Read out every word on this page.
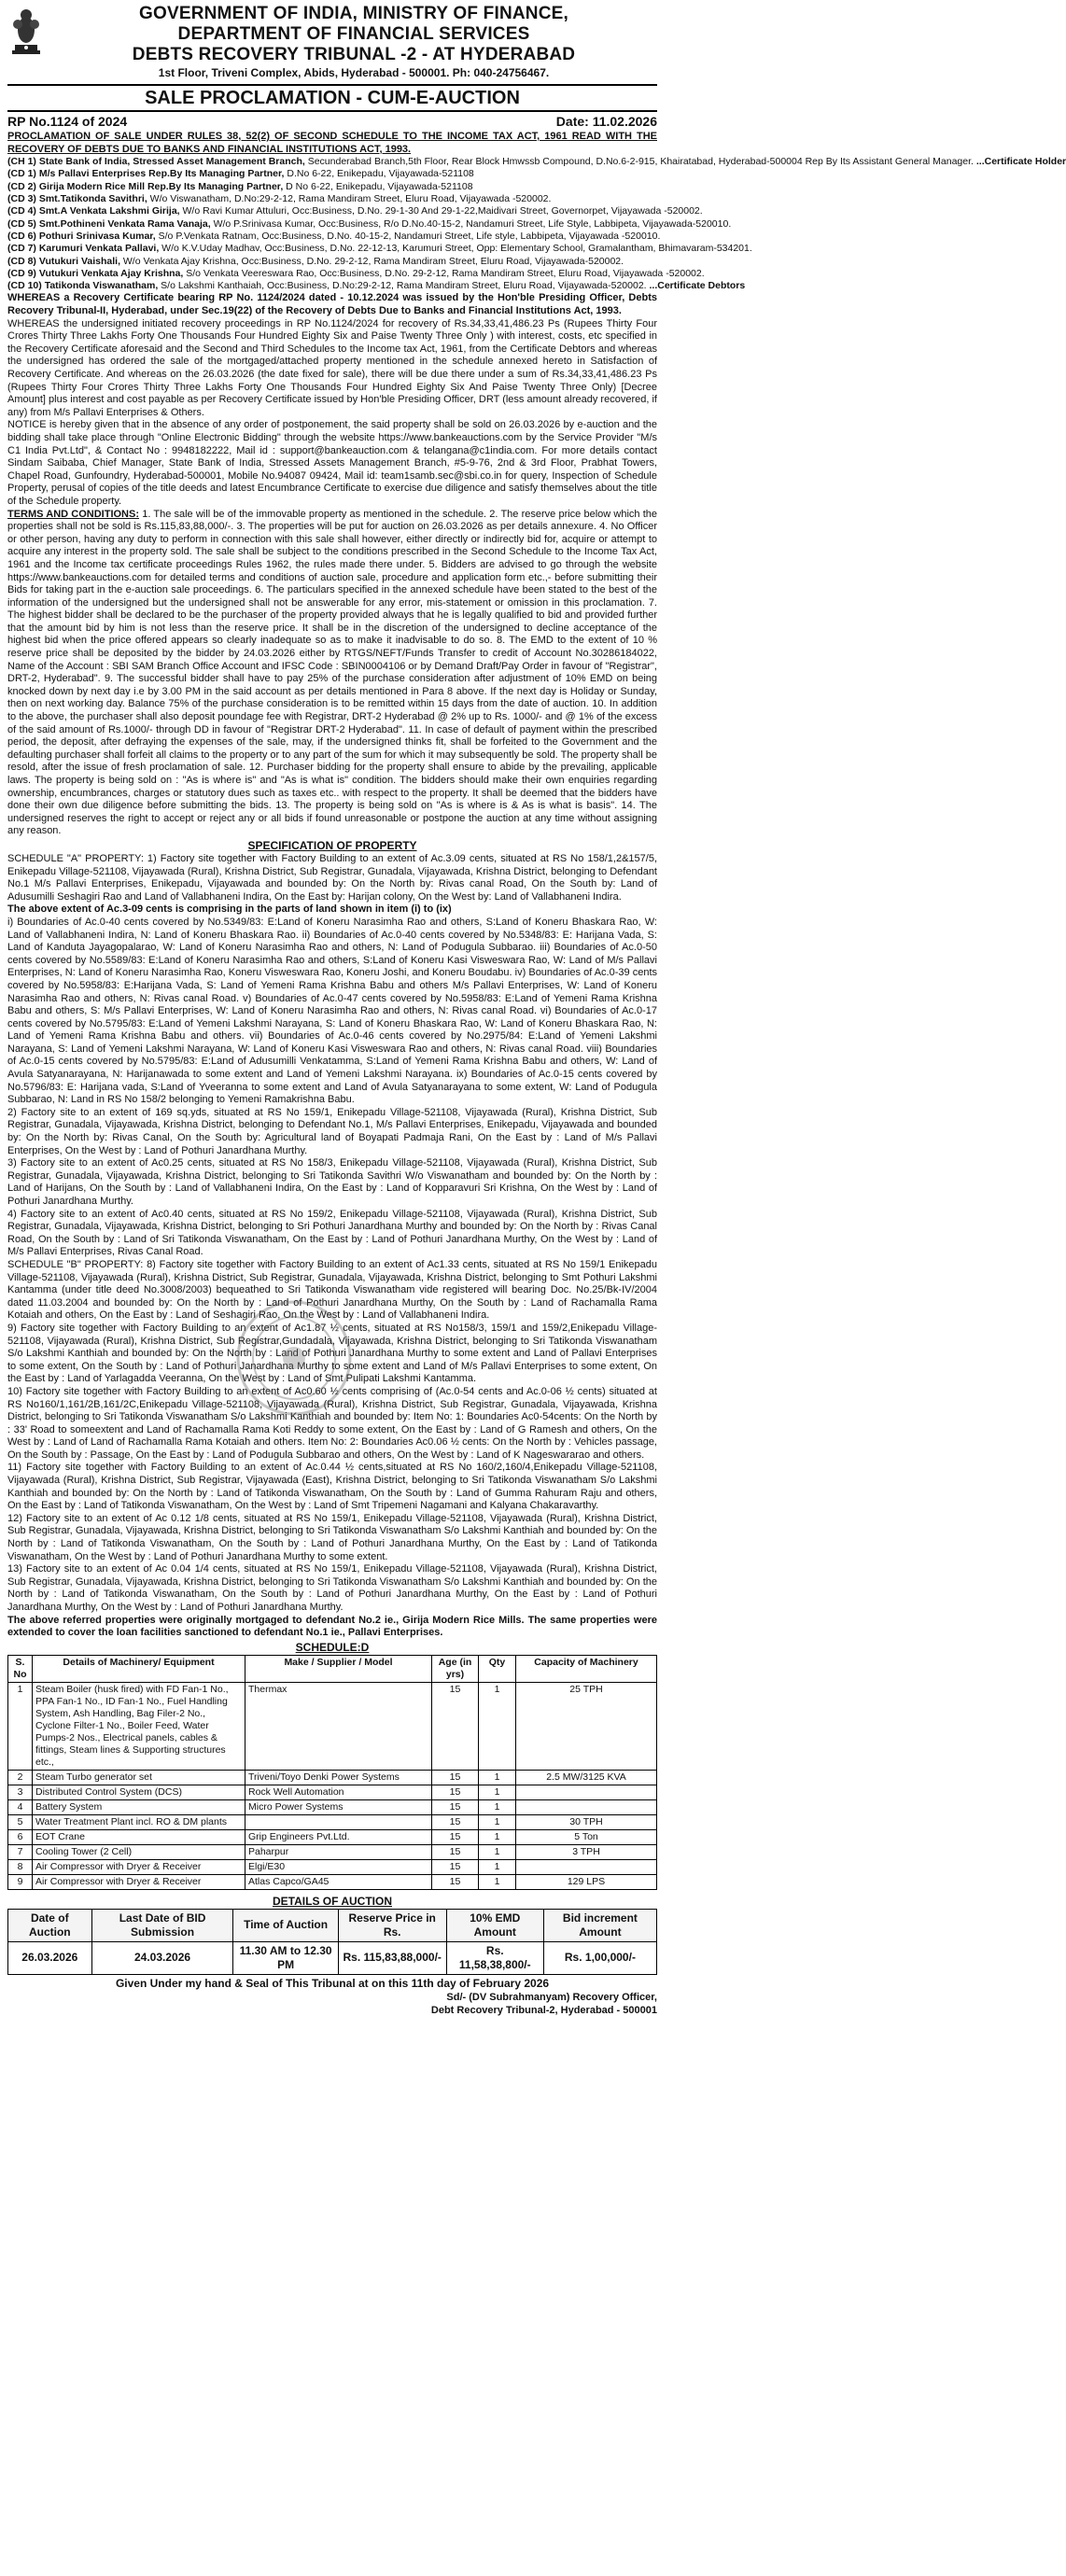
GOVERNMENT OF INDIA, MINISTRY OF FINANCE,
DEPARTMENT OF FINANCIAL SERVICES
DEBTS RECOVERY TRIBUNAL -2 - AT HYDERABAD
1st Floor, Triveni Complex, Abids, Hyderabad - 500001. Ph: 040-24756467.
SALE PROCLAMATION - CUM-E-AUCTION
RP No.1124 of 2024	Date: 11.02.2026

PROCLAMATION OF SALE UNDER RULES 38, 52(2) OF SECOND SCHEDULE TO THE INCOME TAX ACT, 1961 READ WITH THE RECOVERY OF DEBTS DUE TO BANKS AND FINANCIAL INSTITUTIONS ACT, 1993.

(CH 1) State Bank of India, Stressed Asset Management Branch, Secunderabad Branch,5th Floor, Rear Block Hmwssb Compound, D.No.6-2-915, Khairatabad, Hyderabad-500004 Rep By Its Assistant General Manager. ...Certificate Holder
(CD 1) M/s Pallavi Enterprises Rep.By Its Managing Partner, D.No 6-22, Enikepadu, Vijayawada-521108
(CD 2) Girija Modern Rice Mill Rep.By Its Managing Partner, D No 6-22, Enikepadu, Vijayawada-521108
(CD 3) Smt.Tatikonda Savithri, W/o Viswanatham, D.No:29-2-12, Rama Mandiram Street, Eluru Road, Vijayawada -520002.
(CD 4) Smt.A Venkata Lakshmi Girija, W/o Ravi Kumar Attuluri, Occ:Business, D.No. 29-1-30 And 29-1-22,Maidivari Street, Governorpet, Vijayawada -520002.
(CD 5) Smt.Pothineni Venkata Rama Vanaja, W/o P.Srinivasa Kumar, Occ:Business, R/o D.No.40-15-2, Nandamuri Street, Life Style, Labbipeta, Vijayawada-520010.
(CD 6) Pothuri Srinivasa Kumar, S/o P.Venkata Ratnam, Occ:Business, D.No. 40-15-2, Nandamuri Street, Life style, Labbipeta, Vijayawada -520010.
(CD 7) Karumuri Venkata Pallavi, W/o K.V.Uday Madhav, Occ:Business, D.No. 22-12-13, Karumuri Street, Opp: Elementary School, Gramalantham, Bhimavaram-534201.
(CD 8) Vutukuri Vaishali, W/o Venkata Ajay Krishna, Occ:Business, D.No. 29-2-12, Rama Mandiram Street, Eluru Road, Vijayawada-520002.
(CD 9) Vutukuri Venkata Ajay Krishna, S/o Venkata Veereswara Rao, Occ:Business, D.No. 29-2-12, Rama Mandiram Street, Eluru Road, Vijayawada -520002.
(CD 10) Tatikonda Viswanatham, S/o Lakshmi Kanthaiah, Occ:Business, D.No:29-2-12, Rama Mandiram Street, Eluru Road, Vijayawada-520002. ...Certificate Debtors

WHEREAS a Recovery Certificate bearing RP No. 1124/2024 dated - 10.12.2024 was issued by the Hon'ble Presiding Officer, Debts Recovery Tribunal-II, Hyderabad, under Sec.19(22) of the Recovery of Debts Due to Banks and Financial Institutions Act, 1993.

WHEREAS the undersigned initiated recovery proceedings in RP No.1124/2024 for recovery of Rs.34,33,41,486.23 Ps (Rupees Thirty Four Crores Thirty Three Lakhs Forty One Thousands Four Hundred Eighty Six and Paise Twenty Three Only ) with interest, costs, etc specified in the Recovery Certificate aforesaid and the Second and Third Schedules to the Income tax Act, 1961, from the Certificate Debtors and whereas the undersigned has ordered the sale of the mortgaged/attached property mentioned in the schedule annexed hereto in Satisfaction of Recovery Certificate. And whereas on the 26.03.2026 (the date fixed for sale), there will be due there under a sum of Rs.34,33,41,486.23 Ps (Rupees Thirty Four Crores Thirty Three Lakhs Forty One Thousands Four Hundred Eighty Six And Paise Twenty Three Only) [Decree Amount] plus interest and cost payable as per Recovery Certificate issued by Hon'ble Presiding Officer, DRT (less amount already recovered, if any) from M/s Pallavi Enterprises & Others.

NOTICE is hereby given that in the absence of any order of postponement, the said property shall be sold on 26.03.2026 by e-auction and the bidding shall take place through "Online Electronic Bidding" through the website https://www.bankeauctions.com by the Service Provider "M/s C1 India Pvt.Ltd", & Contact No : 9948182222, Mail id : support@bankeauction.com & telangana@c1india.com. For more details contact Sindam Saibaba, Chief Manager, State Bank of India, Stressed Assets Management Branch, #5-9-76, 2nd & 3rd Floor, Prabhat Towers, Chapel Road, Gunfoundry, Hyderabad-500001, Mobile No.94087 09424, Mail id: team1samb.sec@sbi.co.in for query, Inspection of Schedule Property, perusal of copies of the title deeds and latest Encumbrance Certificate to exercise due diligence and satisfy themselves about the title of the Schedule property.

TERMS AND CONDITIONS: 1. The sale will be of the immovable property as mentioned in the schedule. 2. The reserve price below which the properties shall not be sold is Rs.115,83,88,000/-. 3. The properties will be put for auction on 26.03.2026 as per details annexure. 4. No Officer or other person, having any duty to perform in connection with this sale shall however, either directly or indirectly bid for, acquire or attempt to acquire any interest in the property sold. The sale shall be subject to the conditions prescribed in the Second Schedule to the Income Tax Act, 1961 and the Income tax certificate proceedings Rules 1962, the rules made there under. 5. Bidders are advised to go through the website https://www.bankeauctions.com for detailed terms and conditions of auction sale, procedure and application form etc.,- before submitting their Bids for taking part in the e-auction sale proceedings. 6. The particulars specified in the annexed schedule have been stated to the best of the information of the undersigned but the undersigned shall not be answerable for any error, mis-statement or omission in this proclamation. 7. The highest bidder shall be declared to be the purchaser of the property provided always that he is legally qualified to bid and provided further that the amount bid by him is not less than the reserve price. It shall be in the discretion of the undersigned to decline acceptance of the highest bid when the price offered appears so clearly inadequate so as to make it inadvisable to do so. 8. The EMD to the extent of 10 % reserve price shall be deposited by the bidder by 24.03.2026 either by RTGS/NEFT/Funds Transfer to credit of Account No.30286184022, Name of the Account : SBI SAM Branch Office Account and IFSC Code : SBIN0004106 or by Demand Draft/Pay Order in favour of "Registrar", DRT-2, Hyderabad". 9. The successful bidder shall have to pay 25% of the purchase consideration after adjustment of 10% EMD on being knocked down by next day i.e by 3.00 PM in the said account as per details mentioned in Para 8 above. If the next day is Holiday or Sunday, then on next working day. Balance 75% of the purchase consideration is to be remitted within 15 days from the date of auction. 10. In addition to the above, the purchaser shall also deposit poundage fee with Registrar, DRT-2 Hyderabad @ 2% up to Rs. 1000/- and @ 1% of the excess of the said amount of Rs.1000/- through DD in favour of "Registrar DRT-2 Hyderabad". 11. In case of default of payment within the prescribed period, the deposit, after defraying the expenses of the sale, may, if the undersigned thinks fit, shall be forfeited to the Government and the defaulting purchaser shall forfeit all claims to the property or to any part of the sum for which it may subsequently be sold. The property shall be resold, after the issue of fresh proclamation of sale. 12. Purchaser bidding for the property shall ensure to abide by the prevailing, applicable laws. The property is being sold on : "As is where is" and "As is what is" condition. The bidders should make their own enquiries regarding ownership, encumbrances, charges or statutory dues such as taxes etc.. with respect to the property. It shall be deemed that the bidders have done their own due diligence before submitting the bids. 13. The property is being sold on "As is where is & As is what is basis". 14. The undersigned reserves the right to accept or reject any or all bids if found unreasonable or postpone the auction at any time without assigning any reason.

SPECIFICATION OF PROPERTY

SCHEDULE "A" PROPERTY: 1) Factory site together with Factory Building to an extent of Ac.3.09 cents, situated at RS No 158/1,2&157/5, Enikepadu Village-521108, Vijayawada (Rural), Krishna District, Sub Registrar, Gunadala, Vijayawada, Krishna District, belonging to Defendant No.1 M/s Pallavi Enterprises, Enikepadu, Vijayawada and bounded by: On the North by: Rivas canal Road, On the South by: Land of Adusumilli Seshagiri Rao and Land of Vallabhaneni Indira, On the East by: Harijan colony, On the West by: Land of Vallabhaneni Indira.

The above extent of Ac.3-09 cents is comprising in the parts of land shown in item (i) to (ix)

i) Boundaries of Ac.0-40 cents covered by No.5349/83: E:Land of Koneru Narasimha Rao and others, S:Land of Koneru Bhaskara Rao, W: Land of Vallabhaneni Indira, N: Land of Koneru Bhaskara Rao. ii) Boundaries of Ac.0-40 cents covered by No.5348/83: E: Harijana Vada, S: Land of Kanduta Jayagopalarao, W: Land of Koneru Narasimha Rao and others, N: Land of Podugula Subbarao. iii) Boundaries of Ac.0-50 cents covered by No.5589/83: E:Land of Koneru Narasimha Rao and others, S:Land of Koneru Kasi Visweswara Rao, W: Land of M/s Pallavi Enterprises, N: Land of Koneru Narasimha Rao, Koneru Visweswara Rao, Koneru Joshi, and Koneru Boudabu. iv) Boundaries of Ac.0-39 cents covered by No.5958/83: E:Harijana Vada, S: Land of Yemeni Rama Krishna Babu and others M/s Pallavi Enterprises, W: Land of Koneru Narasimha Rao and others, N: Rivas canal Road. v) Boundaries of Ac.0-47 cents covered by No.5958/83: E:Land of Yemeni Rama Krishna Babu and others, S: M/s Pallavi Enterprises, W: Land of Koneru Narasimha Rao and others, N: Rivas canal Road. vi) Boundaries of Ac.0-17 cents covered by No.5795/83: E:Land of Yemeni Lakshmi Narayana, S: Land of Koneru Bhaskara Rao, W: Land of Koneru Bhaskara Rao, N: Land of Yemeni Rama Krishna Babu and others. vii) Boundaries of Ac.0-46 cents covered by No.2975/84: E:Land of Yemeni Lakshmi Narayana, S: Land of Yemeni Lakshmi Narayana, W: Land of Koneru Kasi Visweswara Rao and others, N: Rivas canal Road. viii) Boundaries of Ac.0-15 cents covered by No.5795/83: E:Land of Adusumilli Venkatamma, S:Land of Yemeni Rama Krishna Babu and others, W: Land of Avula Satyanarayana, N: Harijanawada to some extent and Land of Yemeni Lakshmi Narayana. ix) Boundaries of Ac.0-15 cents covered by No.5796/83: E: Harijana vada, S:Land of Yveeranna to some extent and Land of Avula Satyanarayana to some extent, W: Land of Podugula Subbarao, N: Land in RS No 158/2 belonging to Yemeni Ramakrishna Babu.

2) Factory site to an extent of 169 sq.yds, situated at RS No 159/1, Enikepadu Village-521108, Vijayawada (Rural), Krishna District, Sub Registrar, Gunadala, Vijayawada, Krishna District, belonging to Defendant No.1, M/s Pallavi Enterprises, Enikepadu, Vijayawada and bounded by: On the North by: Rivas Canal, On the South by: Agricultural land of Boyapati Padmaja Rani, On the East by : Land of M/s Pallavi Enterprises, On the West by : Land of Pothuri Janardhana Murthy.

3) Factory site to an extent of Ac0.25 cents, situated at RS No 158/3, Enikepadu Village-521108, Vijayawada (Rural), Krishna District, Sub Registrar, Gunadala, Vijayawada, Krishna District, belonging to Sri Tatikonda Savithri W/o Viswanatham and bounded by: On the North by : Land of Harijans, On the South by : Land of Vallabhaneni Indira, On the East by : Land of Kopparavuri Sri Krishna, On the West by : Land of Pothuri Janardhana Murthy.

4) Factory site to an extent of Ac0.40 cents, situated at RS No 159/2, Enikepadu Village-521108, Vijayawada (Rural), Krishna District, Sub Registrar, Gunadala, Vijayawada, Krishna District, belonging to Sri Pothuri Janardhana Murthy and bounded by: On the North by : Rivas Canal Road, On the South by : Land of Sri Tatikonda Viswanatham, On the East by : Land of Pothuri Janardhana Murthy, On the West by : Land of M/s Pallavi Enterprises, Rivas Canal Road.

SCHEDULE "B" PROPERTY: 8) Factory site together with Factory Building to an extent of Ac1.33 cents, situated at RS No 159/1 Enikepadu Village-521108, Vijayawada (Rural), Krishna District, Sub Registrar, Gunadala, Vijayawada, Krishna District, belonging to Smt Pothuri Lakshmi Kantamma (under title deed No.3008/2003) bequeathed to Sri Tatikonda Viswanatham vide registered will bearing Doc. No.25/Bk-IV/2004 dated 11.03.2004 and bounded by: On the North by : Land of Pothuri Janardhana Murthy, On the South by : Land of Rachamalla Rama Kotaiah and others, On the East by : Land of Seshagiri Rao, On the West by : Land of Vallabhaneni Indira.

9) Factory site together with Factory Building to an extent of Ac1.87 ½ cents, situated at RS No158/3, 159/1 and 159/2,Enikepadu Village-521108, Vijayawada (Rural), Krishna District, Sub Registrar,Gundadala, Vijayawada, Krishna District, belonging to Sri Tatikonda Viswanatham S/o Lakshmi Kanthiah and bounded by: On the North by : Land of Pothuri Janardhana Murthy to some extent and Land of Pallavi Enterprises to some extent, On the South by : Land of Pothuri Janardhana Murthy to some extent and Land of M/s Pallavi Enterprises to some extent, On the East by : Land of Yarlagadda Veeranna, On the West by : Land of Smt Pulipati Lakshmi Kantamma.

10) Factory site together with Factory Building to an extent of Ac0.60 ½ cents comprising of (Ac.0-54 cents and Ac.0-06 ½ cents) situated at RS No160/1,161/2B,161/2C,Enikepadu Village-521108, Vijayawada (Rural), Krishna District, Sub Registrar, Gunadala, Vijayawada, Krishna District, belonging to Sri Tatikonda Viswanatham S/o Lakshmi Kanthiah and bounded by: Item No: 1: Boundaries Ac0-54cents: On the North by : 33' Road to someextent and Land of Rachamalla Rama Koti Reddy to some extent, On the East by : Land of G Ramesh and others, On the West by : Land of Land of Rachamalla Rama Kotaiah and others. Item No: 2: Boundaries Ac0.06 ½ cents: On the North by : Vehicles passage, On the South by : Passage, On the East by : Land of Podugula Subbarao and others, On the West by : Land of K Nageswararao and others.

11) Factory site together with Factory Building to an extent of Ac.0.44 ½ cents,situated at RS No 160/2,160/4,Enikepadu Village-521108, Vijayawada (Rural), Krishna District, Sub Registrar, Vijayawada (East), Krishna District, belonging to Sri Tatikonda Viswanatham S/o Lakshmi Kanthiah and bounded by: On the North by : Land of Tatikonda Viswanatham, On the South by : Land of Gumma Rahuram Raju and others, On the East by : Land of Tatikonda Viswanatham, On the West by : Land of Smt Tripemeni Nagamani and Kalyana Chakaravarthy.

12) Factory site to an extent of Ac 0.12 1/8 cents, situated at RS No 159/1, Enikepadu Village-521108, Vijayawada (Rural), Krishna District, Sub Registrar, Gunadala, Vijayawada, Krishna District, belonging to Sri Tatikonda Viswanatham S/o Lakshmi Kanthiah and bounded by: On the North by : Land of Tatikonda Viswanatham, On the South by : Land of Pothuri Janardhana Murthy, On the East by : Land of Tatikonda Viswanatham, On the West by : Land of Pothuri Janardhana Murthy to some extent.

13) Factory site to an extent of Ac 0.04 1/4 cents, situated at RS No 159/1, Enikepadu Village-521108, Vijayawada (Rural), Krishna District, Sub Registrar, Gunadala, Vijayawada, Krishna District, belonging to Sri Tatikonda Viswanatham S/o Lakshmi Kanthiah and bounded by: On the North by : Land of Tatikonda Viswanatham, On the South by : Land of Pothuri Janardhana Murthy, On the East by : Land of Pothuri Janardhana Murthy, On the West by : Land of Pothuri Janardhana Murthy.

The above referred properties were originally mortgaged to defendant No.2 ie., Girija Modern Rice Mills. The same properties were extended to cover the loan facilities sanctioned to defendant No.1 ie., Pallavi Enterprises.

SCHEDULE:D
S. No	Details of Machinery/ Equipment	Make / Supplier / Model	Age (in yrs)	Qty	Capacity of Machinery
1	Steam Boiler (husk fired) with FD Fan-1 No., PPA Fan-1 No., ID Fan-1 No., Fuel Handling System, Ash Handling, Bag Filer-2 No., Cyclone Filter-1 No., Boiler Feed, Water Pumps-2 Nos., Electrical panels, cables & fittings, Steam lines & Supporting structures etc.,	Thermax	15	1	25 TPH
2	Steam Turbo generator set	Triveni/Toyo Denki Power Systems	15	1	2.5 MW/3125 KVA
3	Distributed Control System (DCS)	Rock Well Automation	15	1	
4	Battery System	Micro Power Systems	15	1	
5	Water Treatment Plant incl. RO & DM plants		15	1	30 TPH
6	EOT Crane	Grip Engineers Pvt.Ltd.	15	1	5 Ton
7	Cooling Tower (2 Cell)	Paharpur	15	1	3 TPH
8	Air Compressor with Dryer & Receiver	Elgi/E30	15	1	
9	Air Compressor with Dryer & Receiver	Atlas Capco/GA45	15	1	129 LPS
DETAILS OF AUCTION
Date of Auction	Last Date of BID Submission	Time of Auction	Reserve Price in Rs.	10% EMD Amount	Bid increment Amount
26.03.2026	24.03.2026	11.30 AM to 12.30 PM	Rs. 115,83,88,000/-	Rs. 11,58,38,800/-	Rs. 1,00,000/-
Given Under my hand & Seal of This Tribunal at on this 11th day of February 2026
Sd/- (DV Subrahmanyam) Recovery Officer,
Debt Recovery Tribunal-2, Hyderabad - 500001
